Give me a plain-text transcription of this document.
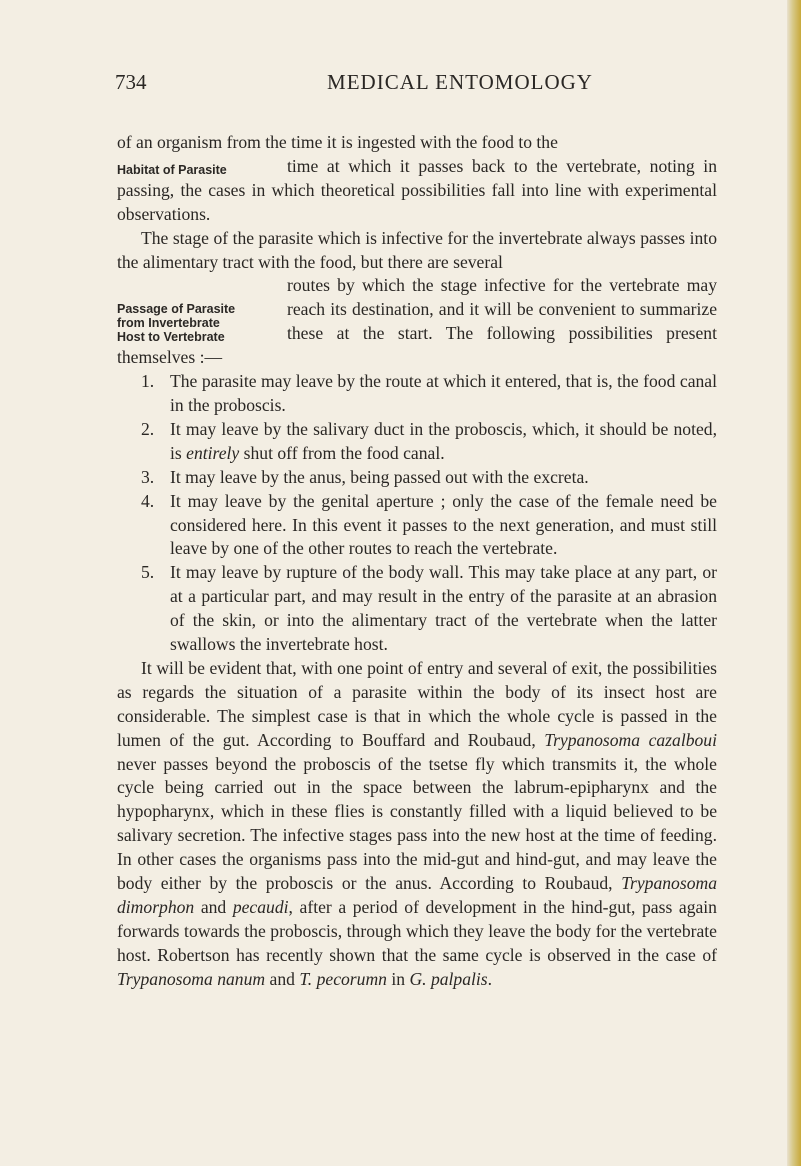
734	MEDICAL ENTOMOLOGY

of an organism from the time it is ingested with the food to the

Habitat of Parasite	time at which it passes back to the vertebrate, noting in passing, the cases in which theoretical possibilities fall into line with experimental observations.

The stage of the parasite which is infective for the invertebrate always passes into the alimentary tract with the food, but there are several

Passage of Parasite
from Invertebrate
Host to Vertebrate

routes by which the stage infective for the vertebrate may reach its destination, and it will be convenient to summarize these at the start. The following possibilities present themselves :—

1. The parasite may leave by the route at which it entered, that is, the food canal in the proboscis.
2. It may leave by the salivary duct in the proboscis, which, it should be noted, is entirely shut off from the food canal.
3. It may leave by the anus, being passed out with the excreta.
4. It may leave by the genital aperture ; only the case of the female need be considered here. In this event it passes to the next generation, and must still leave by one of the other routes to reach the vertebrate.
5. It may leave by rupture of the body wall. This may take place at any part, or at a particular part, and may result in the entry of the parasite at an abrasion of the skin, or into the alimentary tract of the vertebrate when the latter swallows the invertebrate host.

It will be evident that, with one point of entry and several of exit, the possibilities as regards the situation of a parasite within the body of its insect host are considerable. The simplest case is that in which the whole cycle is passed in the lumen of the gut. According to Bouffard and Roubaud, Trypanosoma cazalboui never passes beyond the proboscis of the tsetse fly which transmits it, the whole cycle being carried out in the space between the labrum-epipharynx and the hypopharynx, which in these flies is constantly filled with a liquid believed to be salivary secretion. The infective stages pass into the new host at the time of feeding. In other cases the organisms pass into the mid-gut and hind-gut, and may leave the body either by the proboscis or the anus. According to Roubaud, Trypanosoma dimorphon and pecaudi, after a period of development in the hind-gut, pass again forwards towards the proboscis, through which they leave the body for the vertebrate host. Robertson has recently shown that the same cycle is observed in the case of Trypanosoma nanum and T. pecorumn in G. palpalis.
